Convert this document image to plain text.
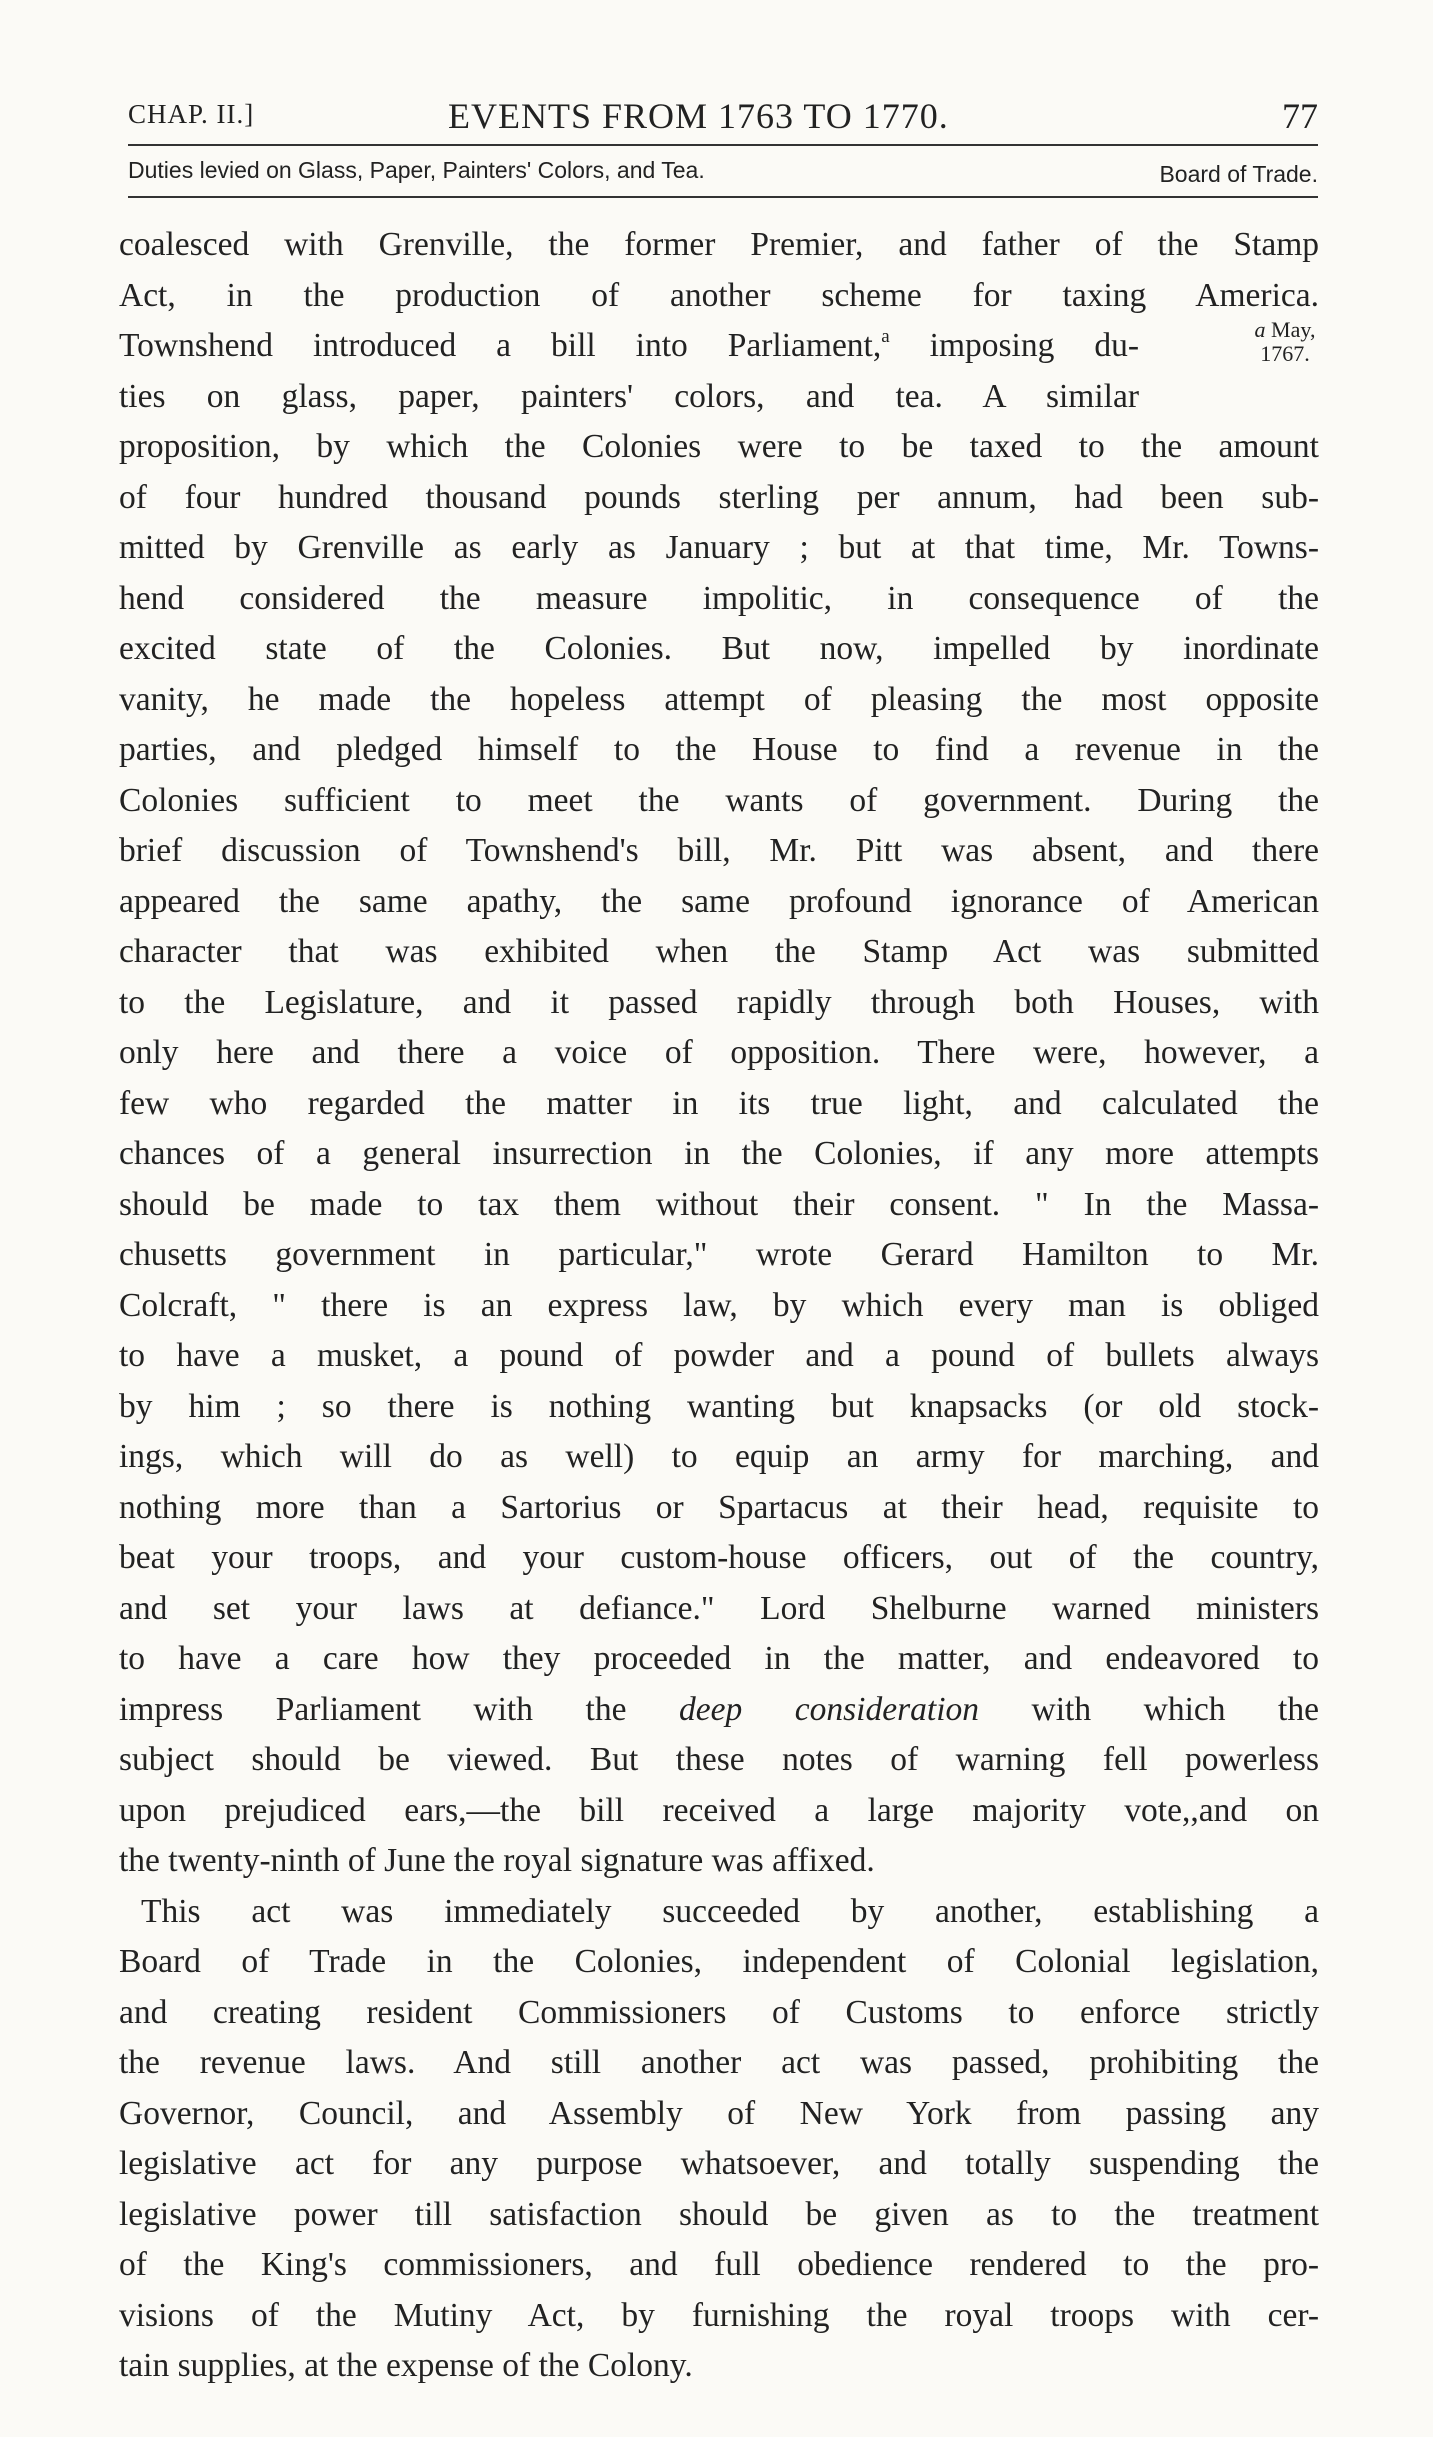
CHAP. II.]	EVENTS FROM 1763 TO 1770.	77
Duties levied on Glass, Paper, Painters' Colors, and Tea.	Board of Trade.
a May,
1767.
coalesced with Grenville, the former Premier, and father of the Stamp
Act, in the production of another scheme for taxing America.
Townshend introduced a bill into Parliament,$^a$ imposing du-
ties on glass, paper, painters' colors, and tea. A similar
proposition, by which the Colonies were to be taxed to the amount
of four hundred thousand pounds sterling per annum, had been sub-
mitted by Grenville as early as January ; but at that time, Mr. Towns-
hend considered the measure impolitic, in consequence of the
excited state of the Colonies. But now, impelled by inordinate
vanity, he made the hopeless attempt of pleasing the most opposite
parties, and pledged himself to the House to find a revenue in the
Colonies sufficient to meet the wants of government. During the
brief discussion of Townshend's bill, Mr. Pitt was absent, and there
appeared the same apathy, the same profound ignorance of American
character that was exhibited when the Stamp Act was submitted
to the Legislature, and it passed rapidly through both Houses, with
only here and there a voice of opposition. There were, however, a
few who regarded the matter in its true light, and calculated the
chances of a general insurrection in the Colonies, if any more attempts
should be made to tax them without their consent. " In the Massa-
chusetts government in particular," wrote Gerard Hamilton to Mr.
Colcraft, " there is an express law, by which every man is obliged
to have a musket, a pound of powder and a pound of bullets always
by him ; so there is nothing wanting but knapsacks (or old stock-
ings, which will do as well) to equip an army for marching, and
nothing more than a Sartorius or Spartacus at their head, requisite to
beat your troops, and your custom-house officers, out of the country,
and set your laws at defiance." Lord Shelburne warned ministers
to have a care how they proceeded in the matter, and endeavored to
impress Parliament with the deep consideration with which the
subject should be viewed. But these notes of warning fell powerless
upon prejudiced ears,—the bill received a large majority vote,,and on
the twenty-ninth of June the royal signature was affixed.
This act was immediately succeeded by another, establishing a
Board of Trade in the Colonies, independent of Colonial legislation,
and creating resident Commissioners of Customs to enforce strictly
the revenue laws. And still another act was passed, prohibiting the
Governor, Council, and Assembly of New York from passing any
legislative act for any purpose whatsoever, and totally suspending the
legislative power till satisfaction should be given as to the treatment
of the King's commissioners, and full obedience rendered to the pro-
visions of the Mutiny Act, by furnishing the royal troops with cer-
tain supplies, at the expense of the Colony.
